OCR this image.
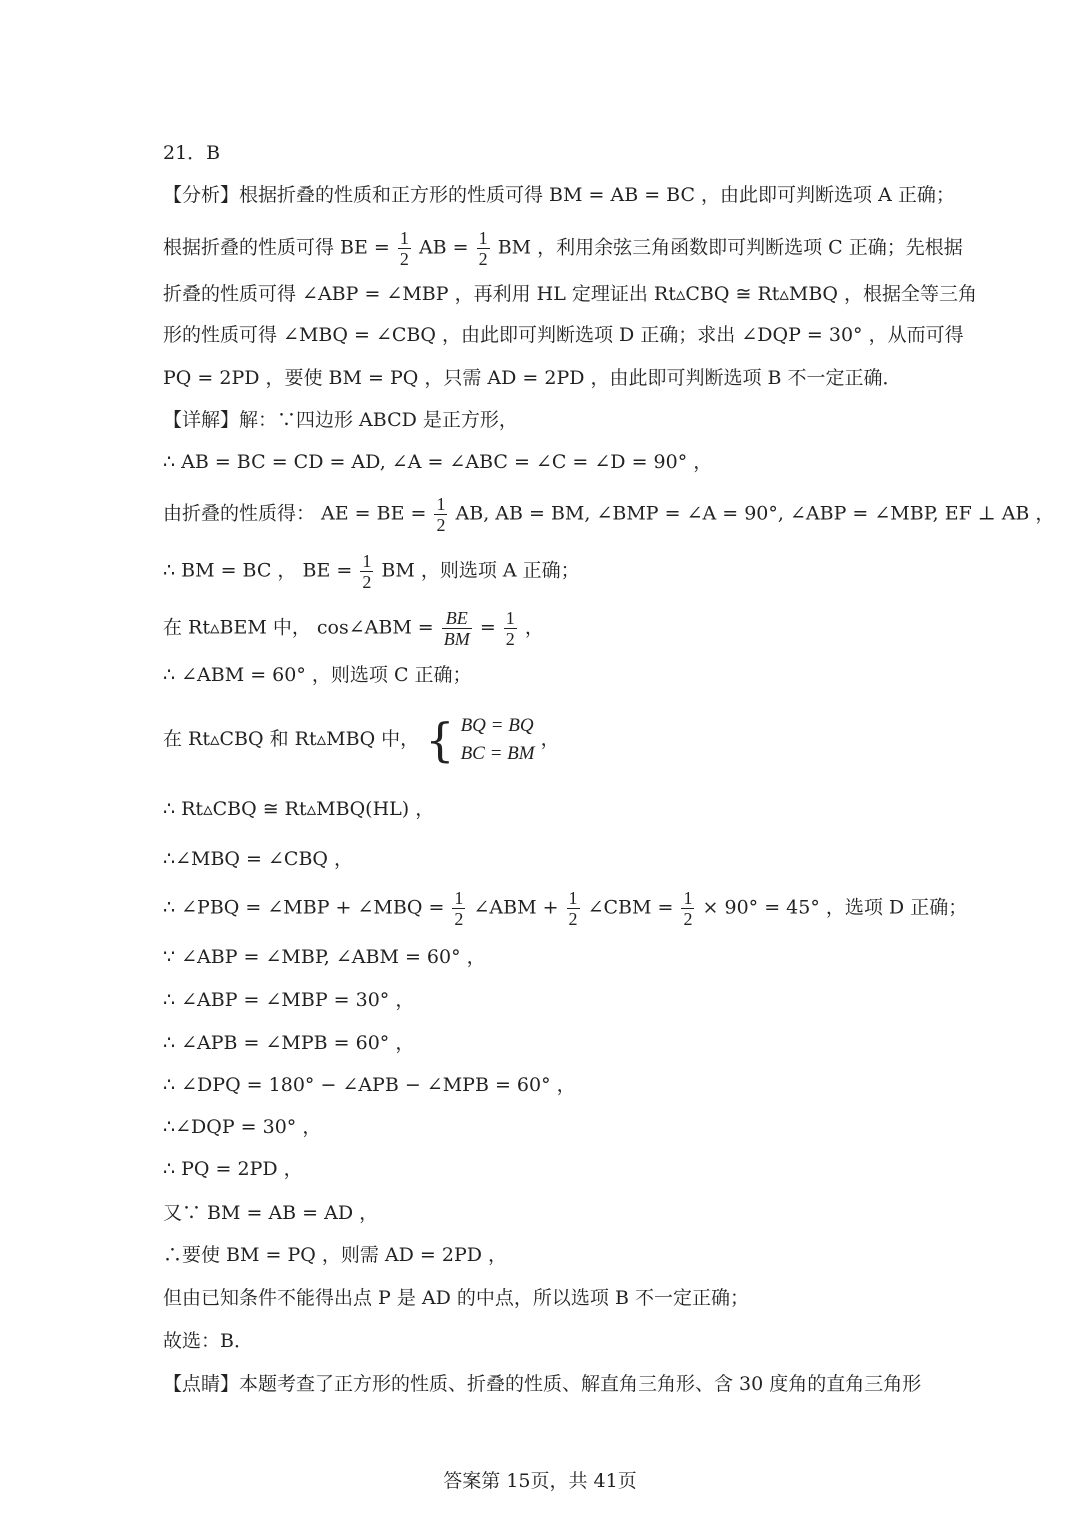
21．B
【分析】根据折叠的性质和正方形的性质可得 BM = AB = BC ，由此即可判断选项 A 正确；
根据折叠的性质可得 BE = $\frac{1}{2}$ AB = $\frac{1}{2}$ BM ，利用余弦三角函数即可判断选项 C 正确；先根据
折叠的性质可得 ∠ABP = ∠MBP ，再利用 HL 定理证出 Rt▵CBQ ≅ Rt▵MBQ ，根据全等三角
形的性质可得 ∠MBQ = ∠CBQ ，由此即可判断选项 D 正确；求出 ∠DQP = 30° ，从而可得
PQ = 2PD ，要使 BM = PQ ，只需 AD = 2PD ，由此即可判断选项 B 不一定正确．
【详解】解：∵四边形 ABCD 是正方形，
∴ AB = BC = CD = AD, ∠A = ∠ABC = ∠C = ∠D = 90° ，
由折叠的性质得： AE = BE = $\frac{1}{2}$ AB, AB = BM, ∠BMP = ∠A = 90°, ∠ABP = ∠MBP, EF ⊥ AB ，
∴ BM = BC ， BE = $\frac{1}{2}$ BM ，则选项 A 正确；
在 Rt▵BEM 中， cos∠ABM = $\frac{BE}{BM} = \frac{1}{2}$ ，
∴ ∠ABM = 60° ，则选项 C 正确；
在 Rt▵CBQ 和 Rt▵MBQ 中， { BQ = BQ
BC = BM
，
∴ Rt▵CBQ ≅ Rt▵MBQ(HL) ，
∴∠MBQ = ∠CBQ ，
∴ ∠PBQ = ∠MBP + ∠MBQ = $\frac{1}{2}$ ∠ABM + $\frac{1}{2}$ ∠CBM = $\frac{1}{2} \times 90^\circ = 45^\circ$ ，选项 D 正确；
∵ ∠ABP = ∠MBP, ∠ABM = 60° ，
∴ ∠ABP = ∠MBP = 30° ，
∴ ∠APB = ∠MPB = 60° ，
∴ ∠DPQ = 180° − ∠APB − ∠MPB = 60° ，
∴∠DQP = 30° ，
∴ PQ = 2PD ，
又∵ BM = AB = AD ，
∴要使 BM = PQ ，则需 AD = 2PD ，
但由已知条件不能得出点 P 是 AD 的中点，所以选项 B 不一定正确；
故选：B．
【点睛】本题考查了正方形的性质、折叠的性质、解直角三角形、含 30 度角的直角三角形
答案第 15页，共 41页
